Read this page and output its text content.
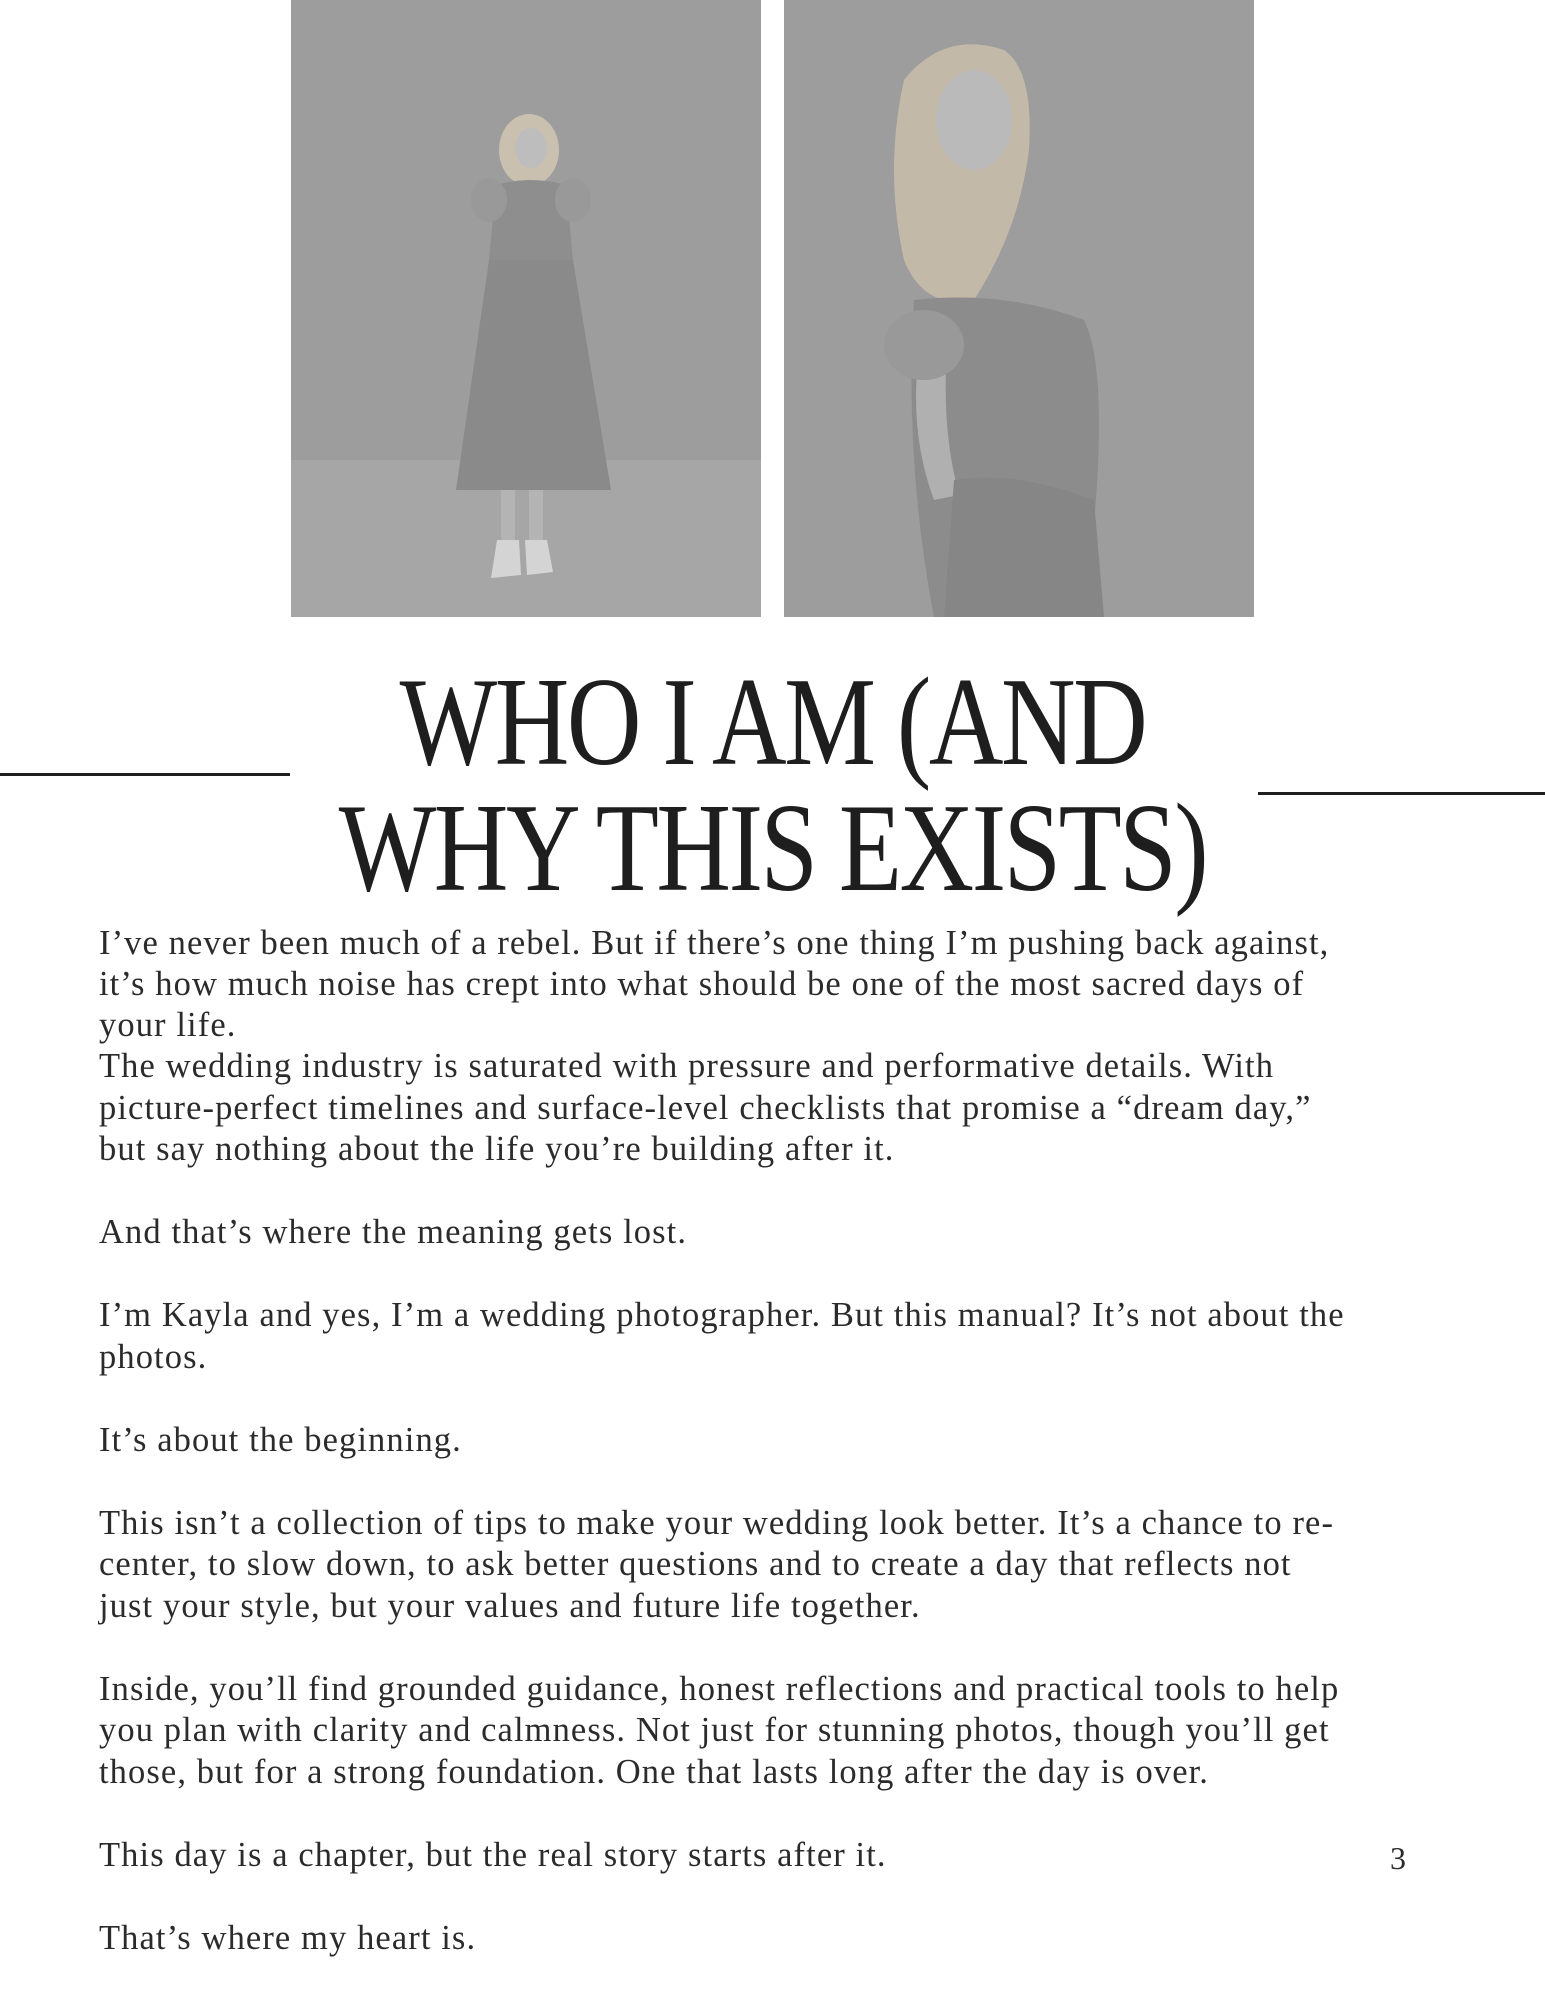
WHO I AM (AND
WHY THIS EXISTS)

I’ve never been much of a rebel. But if there’s one thing I’m pushing back against,

it’s how much noise has crept into what should be one of the most sacred days of

your life.

The wedding industry is saturated with pressure and performative details. With

picture-perfect timelines and surface-level checklists that promise a “dream day,”

but say nothing about the life you’re building after it.

And that’s where the meaning gets lost.

I’m Kayla and yes, I’m a wedding photographer. But this manual? It’s not about the

photos.

It’s about the beginning.

This isn’t a collection of tips to make your wedding look better. It’s a chance to re-

center, to slow down, to ask better questions and to create a day that reflects not

just your style, but your values and future life together.

Inside, you’ll find grounded guidance, honest reflections and practical tools to help

you plan with clarity and calmness. Not just for stunning photos, though you’ll get

those, but for a strong foundation. One that lasts long after the day is over.

This day is a chapter, but the real story starts after it.

That’s where my heart is.

3
